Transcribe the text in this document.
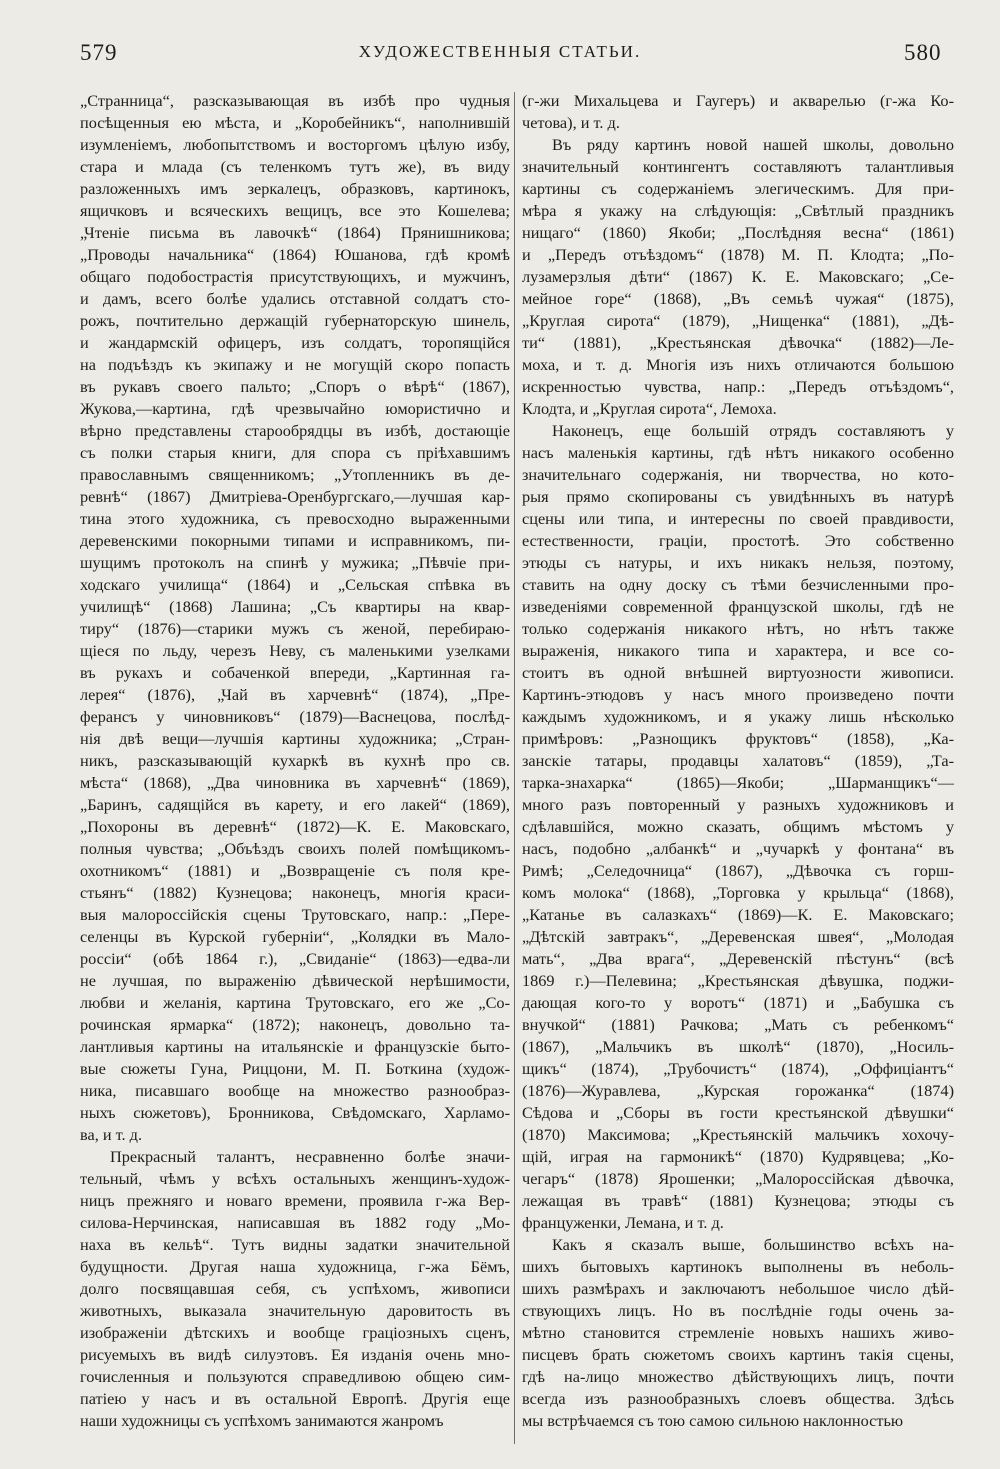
579	ХУДОЖЕСТВЕННЫЯ СТАТЬИ.	580
„Странница“, разсказывающая въ избѣ про чудныя
посѣщенныя ею мѣста, и „Коробейникъ“, наполнившій
изумленіемъ, любопытствомъ и восторгомъ цѣлую избу,
стара и млада (съ теленкомъ тутъ же), въ виду
разложенныхъ имъ зеркалецъ, образковъ, картинокъ,
ящичковъ и всяческихъ вещицъ, все это Кошелева;
„Чтеніе письма въ лавочкѣ“ (1864) Прянишникова;
„Проводы начальника“ (1864) Юшанова, гдѣ кромѣ
общаго подобострастія присутствующихъ, и мужчинъ,
и дамъ, всего болѣе удались отставной солдатъ сто-
рожъ, почтительно держащій губернаторскую шинель,
и жандармскій офицеръ, изъ солдатъ, торопящійся
на подъѣздъ къ экипажу и не могущій скоро попасть
въ рукавъ своего пальто; „Споръ о вѣрѣ“ (1867),
Жукова,—картина, гдѣ чрезвычайно юмористично и
вѣрно представлены старообрядцы въ избѣ, достающіе
съ полки старыя книги, для спора съ пріѣхавшимъ
православнымъ священникомъ; „Утопленникъ въ де-
ревнѣ“ (1867) Дмитріева-Оренбургскаго,—лучшая кар-
тина этого художника, съ превосходно выраженными
деревенскими покорными типами и исправникомъ, пи-
шущимъ протоколъ на спинѣ у мужика; „Пѣвчіе при-
ходскаго училища“ (1864) и „Сельская спѣвка въ
училищѣ“ (1868) Лашина; „Съ квартиры на квар-
тиру“ (1876)—старики мужъ съ женой, перебираю-
щіеся по льду, черезъ Неву, съ маленькими узелками
въ рукахъ и собаченкой впереди, „Картинная га-
лерея“ (1876), „Чай въ харчевнѣ“ (1874), „Пре-
ферансъ у чиновниковъ“ (1879)—Васнецова, послѣд-
нія двѣ вещи—лучшія картины художника; „Стран-
никъ, разсказывающій кухаркѣ въ кухнѣ про св.
мѣста“ (1868), „Два чиновника въ харчевнѣ“ (1869),
„Баринъ, садящійся въ карету, и его лакей“ (1869),
„Похороны въ деревнѣ“ (1872)—К. Е. Маковскаго,
полныя чувства; „Объѣздъ своихъ полей помѣщикомъ-
охотникомъ“ (1881) и „Возвращеніе съ поля кре-
стьянъ“ (1882) Кузнецова; наконецъ, многія краси-
выя малороссійскія сцены Трутовскаго, напр.: „Пере-
селенцы въ Курской губерніи“, „Колядки въ Мало-
россіи“ (обѣ 1864 г.), „Свиданіе“ (1863)—едва-ли
не лучшая, по выраженію дѣвической нерѣшимости,
любви и желанія, картина Трутовскаго, его же „Со-
рочинская ярмарка“ (1872); наконецъ, довольно та-
лантливыя картины на итальянскіе и французскіе быто-
вые сюжеты Гуна, Риццони, М. П. Боткина (худож-
ника, писавшаго вообще на множество разнообраз-
ныхъ сюжетовъ), Бронникова, Свѣдомскаго, Харламо-
ва, и т. д.
Прекрасный талантъ, несравненно болѣе значи-
тельный, чѣмъ у всѣхъ остальныхъ женщинъ-худож-
ницъ прежняго и новаго времени, проявила г-жа Вер-
силова-Нерчинская, написавшая въ 1882 году „Мо-
наха въ кельѣ“. Тутъ видны задатки значительной
будущности. Другая наша художница, г-жа Бёмъ,
долго посвящавшая себя, съ успѣхомъ, живописи
животныхъ, выказала значительную даровитость въ
изображеніи дѣтскихъ и вообще граціозныхъ сценъ,
рисуемыхъ въ видѣ силуэтовъ. Ея изданія очень мно-
гочисленныя и пользуются справедливою общею сим-
патіею у насъ и въ остальной Европѣ. Другія еще
наши художницы съ успѣхомъ занимаются жанромъ
(г-жи Михальцева и Гаугеръ) и акварелью (г-жа Ко-
четова), и т. д.
Въ ряду картинъ новой нашей школы, довольно
значительный контингентъ составляютъ талантливыя
картины съ содержаніемъ элегическимъ. Для при-
мѣра я укажу на слѣдующія: „Свѣтлый праздникъ
нищаго“ (1860) Якоби; „Послѣдняя весна“ (1861)
и „Передъ отъѣздомъ“ (1878) М. П. Клодта; „По-
лузамерзлыя дѣти“ (1867) К. Е. Маковскаго; „Се-
мейное горе“ (1868), „Въ семьѣ чужая“ (1875),
„Круглая сирота“ (1879), „Нищенка“ (1881), „Дѣ-
ти“ (1881), „Крестьянская дѣвочка“ (1882)—Ле-
моха, и т. д. Многія изъ нихъ отличаются большою
искренностью чувства, напр.: „Передъ отъѣздомъ“,
Клодта, и „Круглая сирота“, Лемоха.
Наконецъ, еще большій отрядъ составляютъ у
насъ маленькія картины, гдѣ нѣтъ никакого особенно
значительнаго содержанія, ни творчества, но кото-
рыя прямо скопированы съ увидѣнныхъ въ натурѣ
сцены или типа, и интересны по своей правдивости,
естественности, граціи, простотѣ. Это собственно
этюды съ натуры, и ихъ никакъ нельзя, поэтому,
ставить на одну доску съ тѣми безчисленными про-
изведеніями современной французской школы, гдѣ не
только содержанія никакого нѣтъ, но нѣтъ также
выраженія, никакого типа и характера, и все со-
стоитъ въ одной внѣшней виртуозности живописи.
Картинъ-этюдовъ у насъ много произведено почти
каждымъ художникомъ, и я укажу лишь нѣсколько
примѣровъ: „Разнощикъ фруктовъ“ (1858), „Ка-
занскіе татары, продавцы халатовъ“ (1859), „Та-
тарка-знахарка“ (1865)—Якоби; „Шарманщикъ“—
много разъ повторенный у разныхъ художниковъ и
сдѣлавшійся, можно сказать, общимъ мѣстомъ у
насъ, подобно „албанкѣ“ и „чучаркѣ у фонтана“ въ
Римѣ; „Селедочница“ (1867), „Дѣвочка съ горш-
комъ молока“ (1868), „Торговка у крыльца“ (1868),
„Катанье въ салазкахъ“ (1869)—К. Е. Маковскаго;
„Дѣтскій завтракъ“, „Деревенская швея“, „Молодая
мать“, „Два врага“, „Деревенскій пѣстунъ“ (всѣ
1869 г.)—Пелевина; „Крестьянская дѣвушка, поджи-
дающая кого-то у воротъ“ (1871) и „Бабушка съ
внучкой“ (1881) Рачкова; „Мать съ ребенкомъ“
(1867), „Мальчикъ въ школѣ“ (1870), „Носиль-
щикъ“ (1874), „Трубочистъ“ (1874), „Оффиціантъ“
(1876)—Журавлева, „Курская горожанка“ (1874)
Сѣдова и „Сборы въ гости крестьянской дѣвушки“
(1870) Максимова; „Крестьянскій мальчикъ хохочу-
щій, играя на гармоникѣ“ (1870) Кудрявцева; „Ко-
чегаръ“ (1878) Ярошенки; „Малороссійская дѣвочка,
лежащая въ травѣ“ (1881) Кузнецова; этюды съ
француженки, Лемана, и т. д.
Какъ я сказалъ выше, большинство всѣхъ на-
шихъ бытовыхъ картинокъ выполнены въ неболь-
шихъ размѣрахъ и заключаютъ небольшое число дѣй-
ствующихъ лицъ. Но въ послѣдніе годы очень за-
мѣтно становится стремленіе новыхъ нашихъ живо-
писцевъ брать сюжетомъ своихъ картинъ такія сцены,
гдѣ на-лицо множество дѣйствующихъ лицъ, почти
всегда изъ разнообразныхъ слоевъ общества. Здѣсь
мы встрѣчаемся съ тою самою сильною наклонностью
